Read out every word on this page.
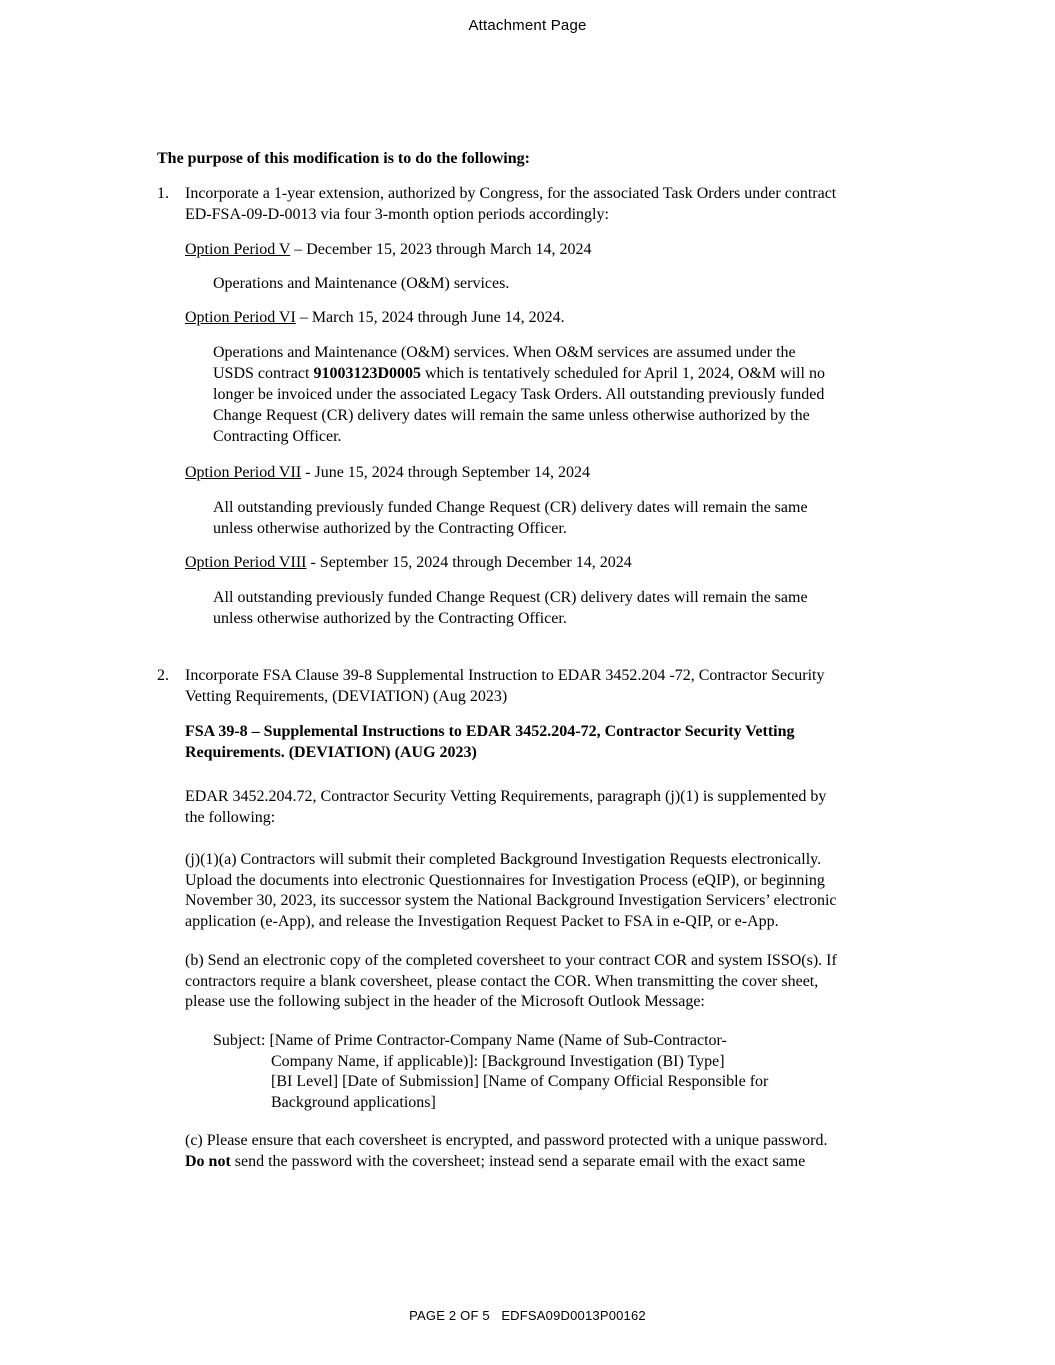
Attachment Page

The purpose of this modification is to do the following:

1. Incorporate a 1-year extension, authorized by Congress, for the associated Task Orders under contract
ED-FSA-09-D-0013 via four 3-month option periods accordingly:

Option Period V – December 15, 2023 through March 14, 2024

Operations and Maintenance (O&M) services.

Option Period VI – March 15, 2024 through June 14, 2024.

Operations and Maintenance (O&M) services. When O&M services are assumed under the
USDS contract 91003123D0005 which is tentatively scheduled for April 1, 2024, O&M will no
longer be invoiced under the associated Legacy Task Orders. All outstanding previously funded
Change Request (CR) delivery dates will remain the same unless otherwise authorized by the
Contracting Officer.

Option Period VII - June 15, 2024 through September 14, 2024

All outstanding previously funded Change Request (CR) delivery dates will remain the same
unless otherwise authorized by the Contracting Officer.

Option Period VIII - September 15, 2024 through December 14, 2024

All outstanding previously funded Change Request (CR) delivery dates will remain the same
unless otherwise authorized by the Contracting Officer.

2. Incorporate FSA Clause 39-8 Supplemental Instruction to EDAR 3452.204 -72, Contractor Security
Vetting Requirements, (DEVIATION) (Aug 2023)

FSA 39-8 – Supplemental Instructions to EDAR 3452.204-72, Contractor Security Vetting
Requirements. (DEVIATION) (AUG 2023)

EDAR 3452.204.72, Contractor Security Vetting Requirements, paragraph (j)(1) is supplemented by
the following:

(j)(1)(a) Contractors will submit their completed Background Investigation Requests electronically.
Upload the documents into electronic Questionnaires for Investigation Process (eQIP), or beginning
November 30, 2023, its successor system the National Background Investigation Servicers’ electronic
application (e-App), and release the Investigation Request Packet to FSA in e-QIP, or e-App.

(b) Send an electronic copy of the completed coversheet to your contract COR and system ISSO(s). If
contractors require a blank coversheet, please contact the COR. When transmitting the cover sheet,
please use the following subject in the header of the Microsoft Outlook Message:

Subject: [Name of Prime Contractor-Company Name (Name of Sub-Contractor-
Company Name, if applicable)]: [Background Investigation (BI) Type]
[BI Level] [Date of Submission] [Name of Company Official Responsible for
Background applications]

(c) Please ensure that each coversheet is encrypted, and password protected with a unique password.
Do not send the password with the coversheet; instead send a separate email with the exact same

PAGE 2 OF 5 EDFSA09D0013P00162
